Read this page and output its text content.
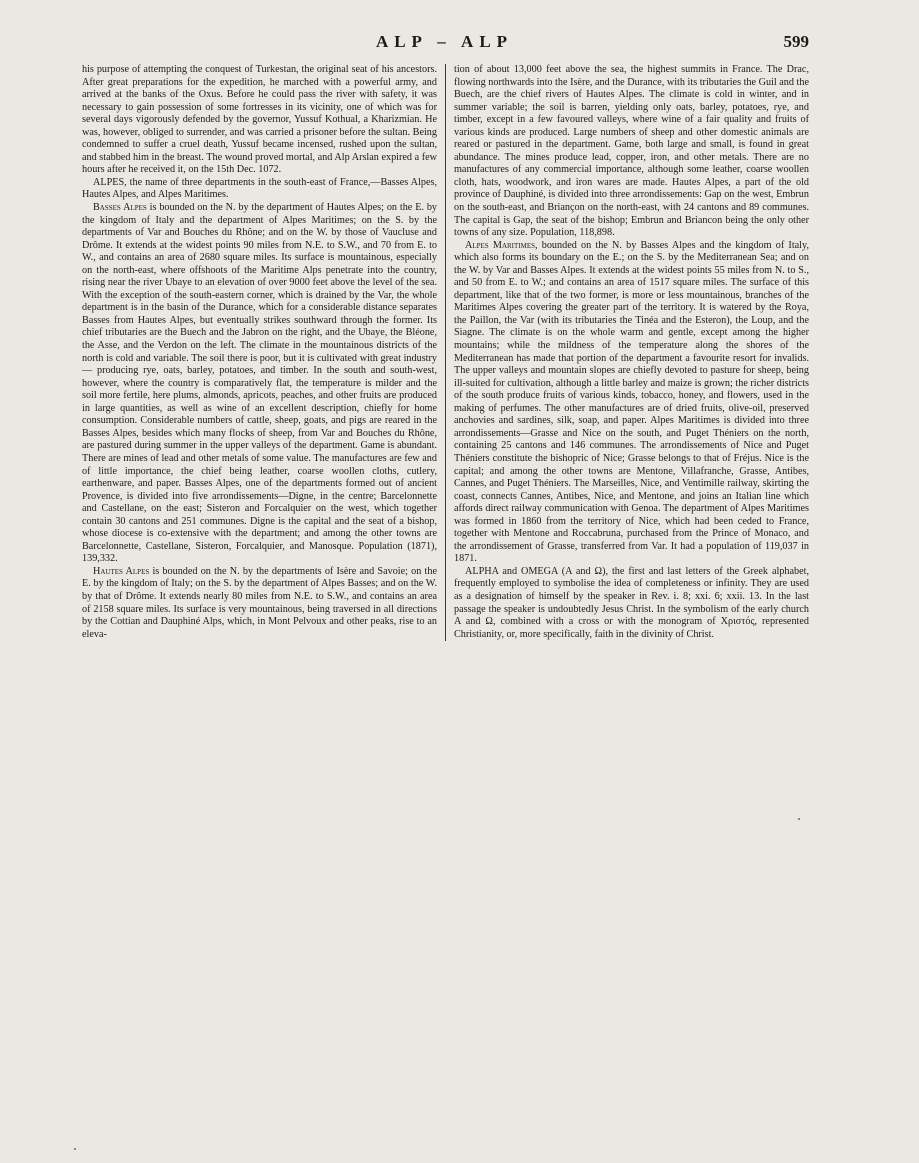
ALP – ALP	599

his purpose of attempting the conquest of Turkestan, the original seat of his ancestors. After great preparations for the expedition, he marched with a powerful army, and arrived at the banks of the Oxus. Before he could pass the river with safety, it was necessary to gain possession of some fortresses in its vicinity, one of which was for several days vigorously defended by the governor, Yussuf Kothual, a Kharizmian. He was, however, obliged to surrender, and was carried a prisoner before the sultan. Being condemned to suffer a cruel death, Yussuf became incensed, rushed upon the sultan, and stabbed him in the breast. The wound proved mortal, and Alp Arslan expired a few hours after he received it, on the 15th Dec. 1072.

ALPES, the name of three departments in the south-east of France,—Basses Alpes, Hautes Alpes, and Alpes Maritimes.

Basses Alpes is bounded on the N. by the department of Hautes Alpes; on the E. by the kingdom of Italy and the department of Alpes Maritimes; on the S. by the departments of Var and Bouches du Rhône; and on the W. by those of Vaucluse and Drôme. It extends at the widest points 90 miles from N.E. to S.W., and 70 from E. to W., and contains an area of 2680 square miles. Its surface is mountainous, especially on the north-east, where offshoots of the Maritime Alps penetrate into the country, rising near the river Ubaye to an elevation of over 9000 feet above the level of the sea. With the exception of the south-eastern corner, which is drained by the Var, the whole department is in the basin of the Durance, which for a considerable distance separates Basses from Hautes Alpes, but eventually strikes southward through the former. Its chief tributaries are the Buech and the Jabron on the right, and the Ubaye, the Bléone, the Asse, and the Verdon on the left. The climate in the mountainous districts of the north is cold and variable. The soil there is poor, but it is cultivated with great industry — producing rye, oats, barley, potatoes, and timber. In the south and south-west, however, where the country is comparatively flat, the temperature is milder and the soil more fertile, here plums, almonds, apricots, peaches, and other fruits are produced in large quantities, as well as wine of an excellent description, chiefly for home consumption. Considerable numbers of cattle, sheep, goats, and pigs are reared in the Basses Alpes, besides which many flocks of sheep, from Var and Bouches du Rhône, are pastured during summer in the upper valleys of the department. Game is abundant. There are mines of lead and other metals of some value. The manufactures are few and of little importance, the chief being leather, coarse woollen cloths, cutlery, earthenware, and paper. Basses Alpes, one of the departments formed out of ancient Provence, is divided into five arrondissements—Digne, in the centre; Barcelonnette and Castellane, on the east; Sisteron and Forcalquier on the west, which together contain 30 cantons and 251 communes. Digne is the capital and the seat of a bishop, whose diocese is co-extensive with the department; and among the other towns are Barcelonnette, Castellane, Sisteron, Forcalquier, and Manosque. Population (1871), 139,332.

Hautes Alpes is bounded on the N. by the departments of Isère and Savoie; on the E. by the kingdom of Italy; on the S. by the department of Alpes Basses; and on the W. by that of Drôme. It extends nearly 80 miles from N.E. to S.W., and contains an area of 2158 square miles. Its surface is very mountainous, being traversed in all directions by the Cottian and Dauphiné Alps, which, in Mont Pelvoux and other peaks, rise to an eleva-

tion of about 13,000 feet above the sea, the highest summits in France. The Drac, flowing northwards into the Isère, and the Durance, with its tributaries the Guil and the Buech, are the chief rivers of Hautes Alpes. The climate is cold in winter, and in summer variable; the soil is barren, yielding only oats, barley, potatoes, rye, and timber, except in a few favoured valleys, where wine of a fair quality and fruits of various kinds are produced. Large numbers of sheep and other domestic animals are reared or pastured in the department. Game, both large and small, is found in great abundance. The mines produce lead, copper, iron, and other metals. There are no manufactures of any commercial importance, although some leather, coarse woollen cloth, hats, woodwork, and iron wares are made. Hautes Alpes, a part of the old province of Dauphiné, is divided into three arrondissements: Gap on the west, Embrun on the south-east, and Briançon on the north-east, with 24 cantons and 89 communes. The capital is Gap, the seat of the bishop; Embrun and Briancon being the only other towns of any size. Population, 118,898.

Alpes Maritimes, bounded on the N. by Basses Alpes and the kingdom of Italy, which also forms its boundary on the E.; on the S. by the Mediterranean Sea; and on the W. by Var and Basses Alpes. It extends at the widest points 55 miles from N. to S., and 50 from E. to W.; and contains an area of 1517 square miles. The surface of this department, like that of the two former, is more or less mountainous, branches of the Maritimes Alpes covering the greater part of the territory. It is watered by the Roya, the Paillon, the Var (with its tributaries the Tinéa and the Esteron), the Loup, and the Siagne. The climate is on the whole warm and gentle, except among the higher mountains; while the mildness of the temperature along the shores of the Mediterranean has made that portion of the department a favourite resort for invalids. The upper valleys and mountain slopes are chiefly devoted to pasture for sheep, being ill-suited for cultivation, although a little barley and maize is grown; the richer districts of the south produce fruits of various kinds, tobacco, honey, and flowers, used in the making of perfumes. The other manufactures are of dried fruits, olive-oil, preserved anchovies and sardines, silk, soap, and paper. Alpes Maritimes is divided into three arrondissements—Grasse and Nice on the south, and Puget Théniers on the north, containing 25 cantons and 146 communes. The arrondissements of Nice and Puget Théniers constitute the bishopric of Nice; Grasse belongs to that of Fréjus. Nice is the capital; and among the other towns are Mentone, Villafranche, Grasse, Antibes, Cannes, and Puget Théniers. The Marseilles, Nice, and Ventimille railway, skirting the coast, connects Cannes, Antibes, Nice, and Mentone, and joins an Italian line which affords direct railway communication with Genoa. The department of Alpes Maritimes was formed in 1860 from the territory of Nice, which had been ceded to France, together with Mentone and Roccabruna, purchased from the Prince of Monaco, and the arrondissement of Grasse, transferred from Var. It had a population of 119,037 in 1871.

ALPHA and OMEGA (A and Ω), the first and last letters of the Greek alphabet, frequently employed to symbolise the idea of completeness or infinity. They are used as a designation of himself by the speaker in Rev. i. 8; xxi. 6; xxii. 13. In the last passage the speaker is undoubtedly Jesus Christ. In the symbolism of the early church A and Ω, combined with a cross or with the monogram of Χριστός, represented Christianity, or, more specifically, faith in the divinity of Christ.
